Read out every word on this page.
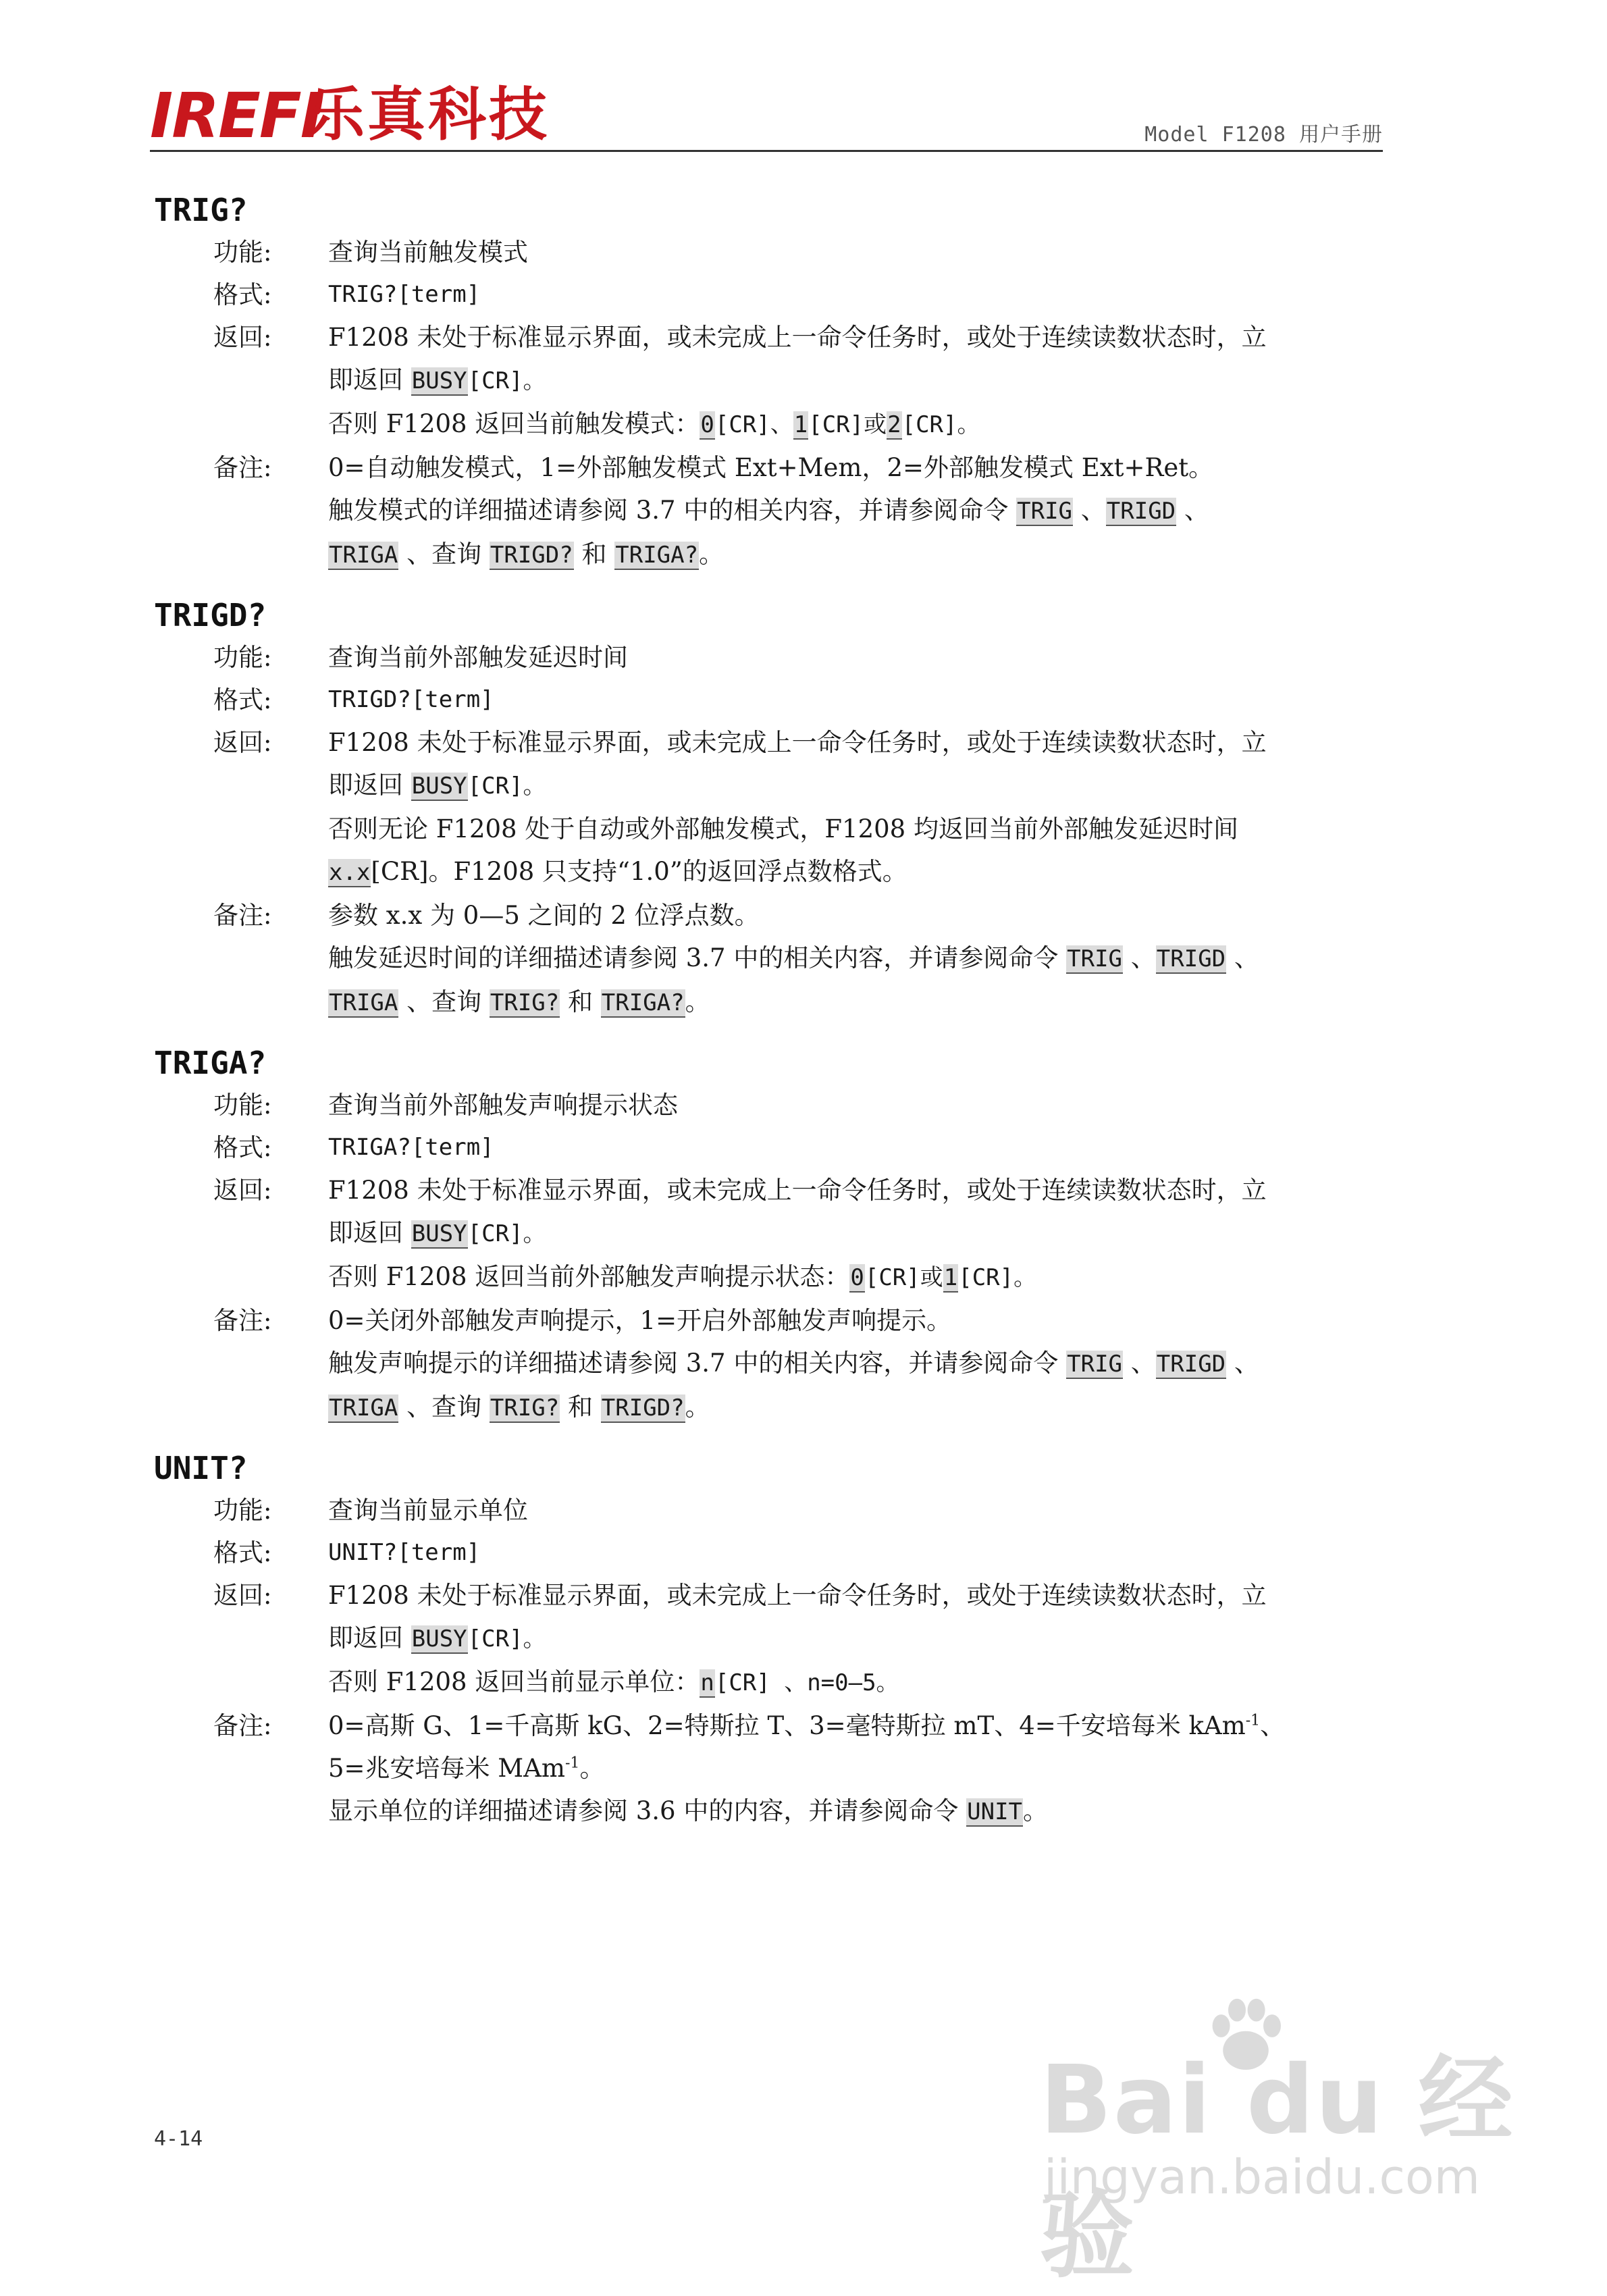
IREFI
乐真科技	Model F1208 用户手册
TRIG?
功能:	查询当前触发模式
格式:	TRIG?[term]
返回:	F1208 未处于标准显示界面，或未完成上一命令任务时，或处于连续读数状态时，立
即返回 BUSY[CR]。
否则 F1208 返回当前触发模式：0[CR]、1[CR]或2[CR]。
备注:	0=自动触发模式，1=外部触发模式 Ext+Mem，2=外部触发模式 Ext+Ret。
触发模式的详细描述请参阅 3.7 中的相关内容，并请参阅命令 TRIG 、TRIGD 、
TRIGA 、查询 TRIGD? 和 TRIGA?。
TRIGD?
功能:	查询当前外部触发延迟时间
格式:	TRIGD?[term]
返回:	F1208 未处于标准显示界面，或未完成上一命令任务时，或处于连续读数状态时，立
即返回 BUSY[CR]。
否则无论 F1208 处于自动或外部触发模式，F1208 均返回当前外部触发延迟时间
x.x[CR]。F1208 只支持“1.0”的返回浮点数格式。
备注:	参数 x.x 为 0—5 之间的 2 位浮点数。
触发延迟时间的详细描述请参阅 3.7 中的相关内容，并请参阅命令 TRIG 、TRIGD 、
TRIGA 、查询 TRIG? 和 TRIGA?。
TRIGA?
功能:	查询当前外部触发声响提示状态
格式:	TRIGA?[term]
返回:	F1208 未处于标准显示界面，或未完成上一命令任务时，或处于连续读数状态时，立
即返回 BUSY[CR]。
否则 F1208 返回当前外部触发声响提示状态：0[CR]或1[CR]。
备注:	0=关闭外部触发声响提示，1=开启外部触发声响提示。
触发声响提示的详细描述请参阅 3.7 中的相关内容，并请参阅命令 TRIG 、TRIGD 、
TRIGA 、查询 TRIG? 和 TRIGD?。
UNIT?
功能:	查询当前显示单位
格式:	UNIT?[term]
返回:	F1208 未处于标准显示界面，或未完成上一命令任务时，或处于连续读数状态时，立
即返回 BUSY[CR]。
否则 F1208 返回当前显示单位：n[CR] 、n=0—5。
备注:	0=高斯 G、1=千高斯 kG、2=特斯拉 T、3=毫特斯拉 mT、4=千安培每米 kAm$^{-1}$、
5=兆安培每米 MAm$^{-1}$。
显示单位的详细描述请参阅 3.6 中的内容，并请参阅命令 UNIT。
4-14	Bai du 经验
jingyan.baidu.com
